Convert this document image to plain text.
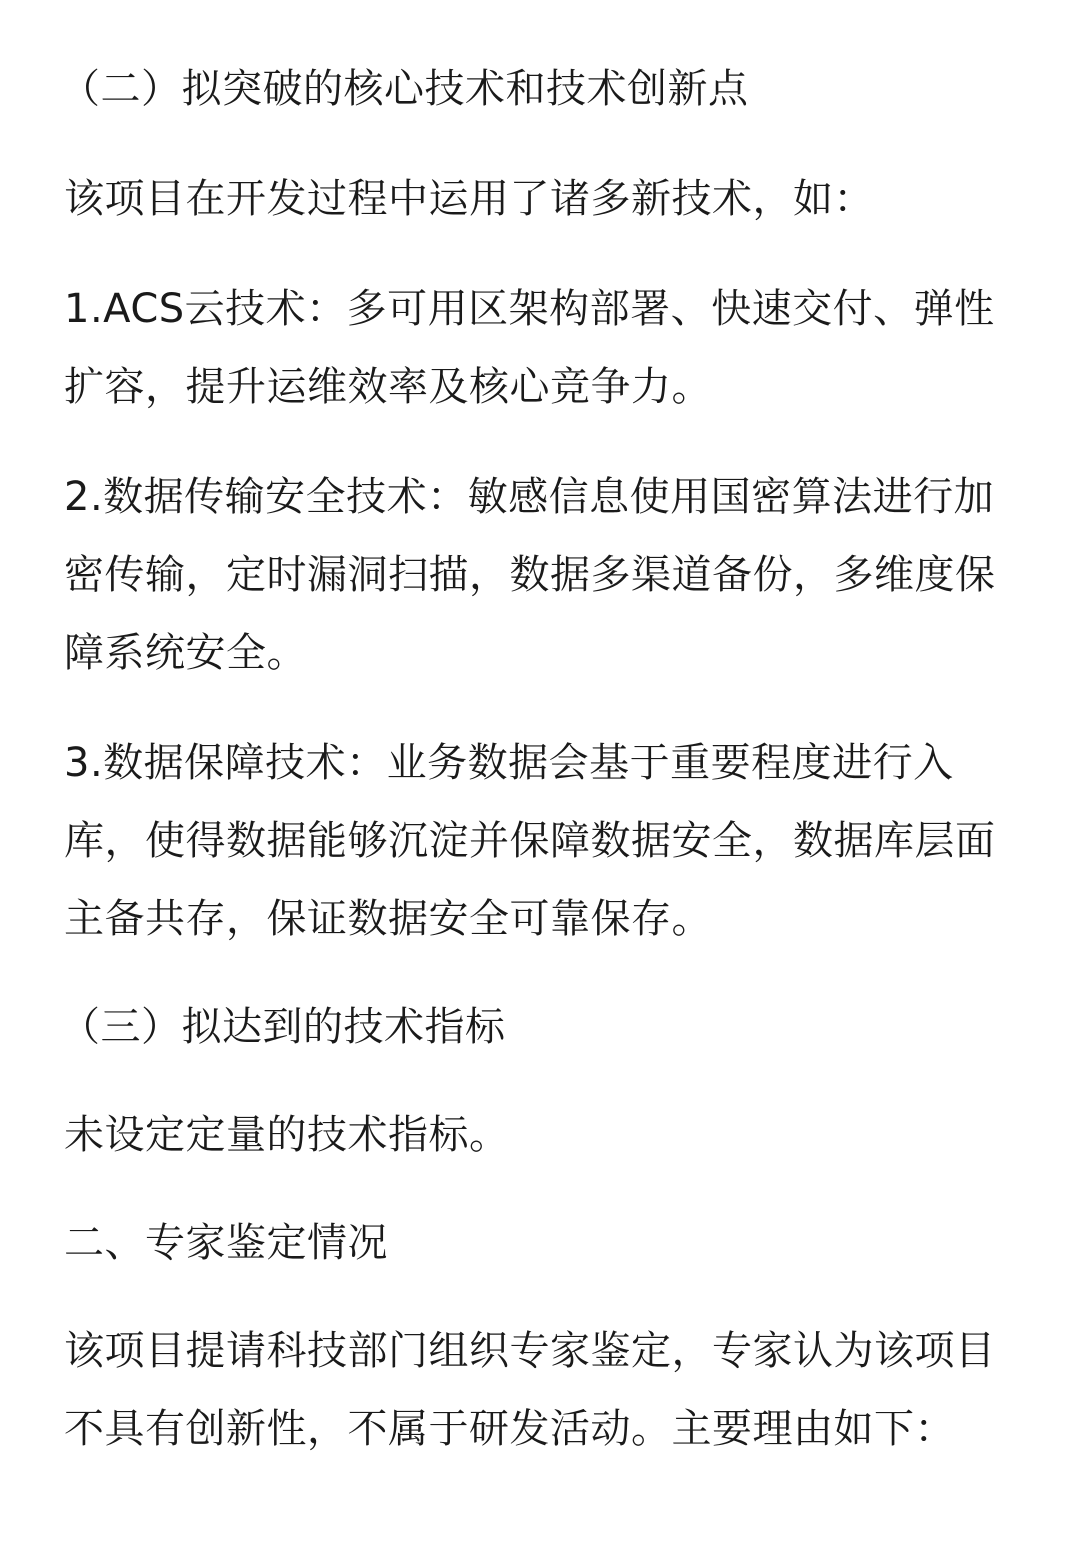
（二）拟突破的核心技术和技术创新点

该项目在开发过程中运用了诸多新技术，如：

1.ACS云技术：多可用区架构部署、快速交付、弹性扩容，提升运维效率及核心竞争力。

2.数据传输安全技术：敏感信息使用国密算法进行加密传输，定时漏洞扫描，数据多渠道备份，多维度保障系统安全。

3.数据保障技术：业务数据会基于重要程度进行入库，使得数据能够沉淀并保障数据安全，数据库层面主备共存，保证数据安全可靠保存。

（三）拟达到的技术指标

未设定定量的技术指标。

二、专家鉴定情况

该项目提请科技部门组织专家鉴定，专家认为该项目不具有创新性，不属于研发活动。主要理由如下：
